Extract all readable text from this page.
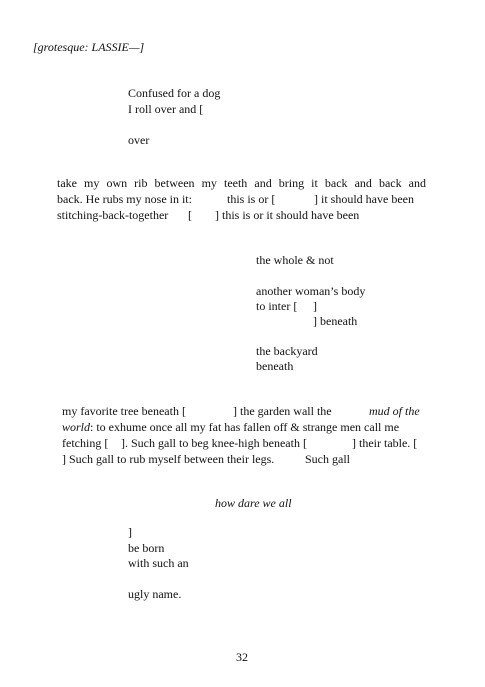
[grotesque: LASSIE—]
Confused for a dog
I roll over and [
over
take my own rib between my teeth and bring it back and back and
back. He rubs my nose in it:	this is or [	] it should have been
stitching-back-together [ ] this is or it should have been
the whole & not
another woman’s body
to inter [ ]
] beneath
the backyard
beneath
my favorite tree beneath [	] the garden wall the	mud of the
world: to exhume once all my fat has fallen off & strange men call me
fetching [ ]. Such gall to beg knee-high beneath [	] their table. [
] Such gall to rub myself between their legs.	Such gall
how dare we all
]
be born
with such an
ugly name.
32
